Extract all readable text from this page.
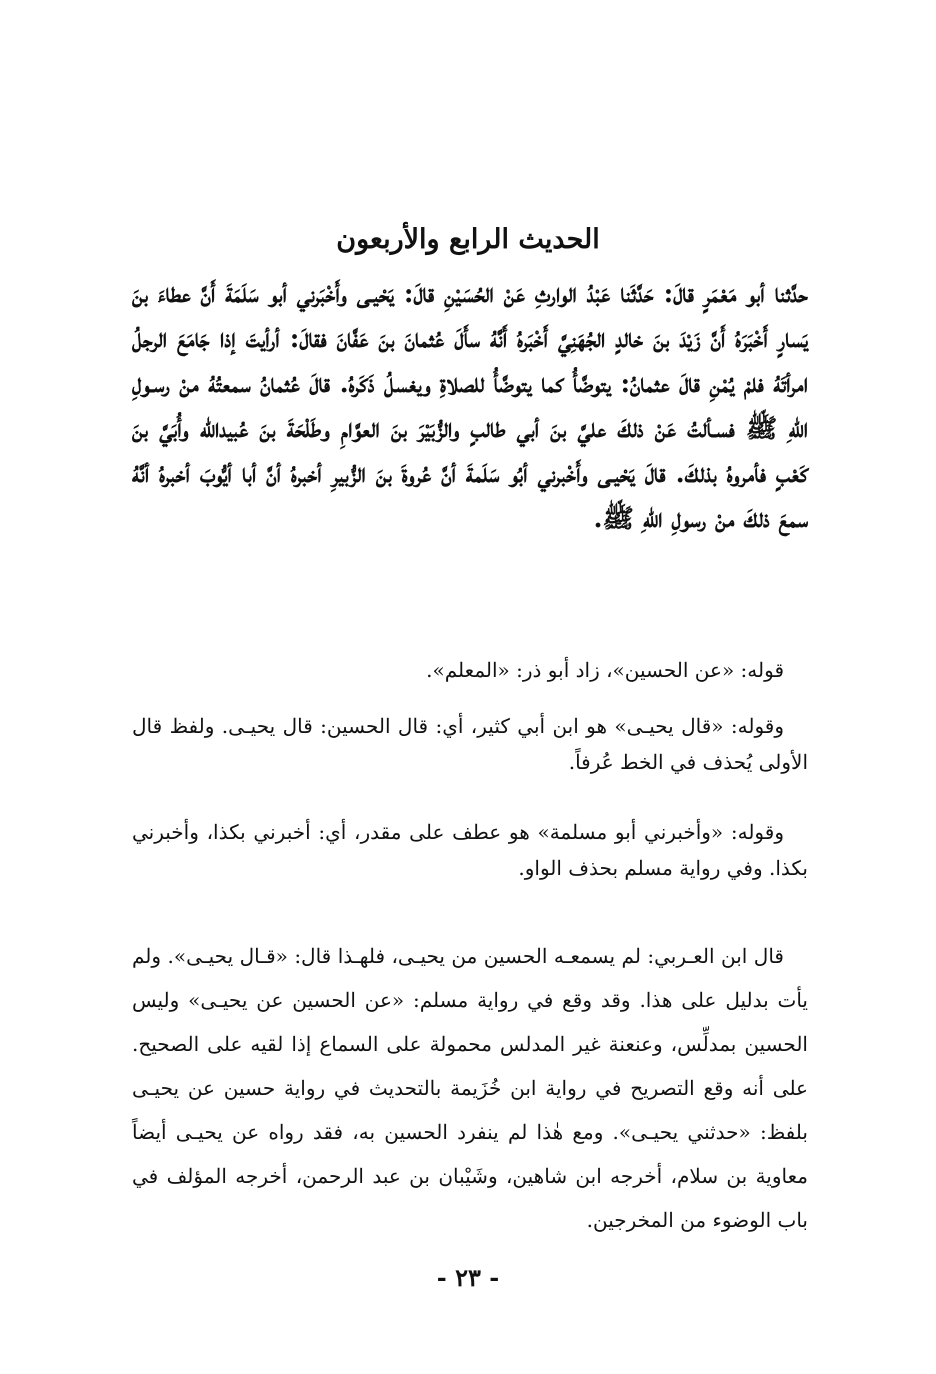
الحديث الرابع والأربعون

حدَّثنا أبو مَعْمَرٍ قالَ: حَدَّثَنا عَبْدُ الوارثِ عَنْ الحُسَيْنِ قالَ: يَحْيـى وأَخْبَرني أبو سَلَمَةَ أَنَّ عطاءَ بنَ يَسارٍ أَخْبَرَهُ أَنَّ زَيْدَ بنَ خالدٍ الجُهَنِيَّ أَخْبَرهُ أَنَّهُ سأَلَ عُثمانَ بنَ عَفَّانَ فقالَ: أرأيتَ إذا جَامَعَ الرجلُ امرأتَهُ فلمْ يُمْنِ قالَ عثمانُ: يتوضَّأُ كما يتوضَّأُ للصلاةِ ويغسلُ ذَكَرهُ. قالَ عُثمانُ سمعتُهُ منْ رسـولِ اللهِ ﷺ فسـألتُ عَنْ ذلكَ عليَّ بنَ أبي طالبٍ والزُّبَيْرَ بنَ العوَّامِ وطَلْحَةَ بنَ عُبيدالله وأُبَيَّ بنَ كَعْبٍ فأمروهُ بذلكَ. قالَ يَحْيـى وأَخْبرني أبُو سَلَمةَ أنَّ عُروةَ بنَ الزُّبيرِ أخبرهُ أنَّ أبا أيُّوبَ أخبرهُ أنَّهُ سمعَ ذلكَ منْ رسولِ اللهِ ﷺ.

قوله: «عن الحسين»، زاد أبو ذر: «المعلم».

وقوله: «قال يحيـى» هو ابن أبي كثير، أي: قال الحسين: قال يحيـى. ولفظ قال الأولى يُحذف في الخط عُرفاً.

وقوله: «وأخبرني أبو مسلمة» هو عطف على مقدر، أي: أخبرني بكذا، وأخبرني بكذا. وفي رواية مسلم بحذف الواو.

قال ابن العـربي: لم يسمعـه الحسين من يحيـى، فلهـذا قال: «قـال يحيـى». ولم يأت بدليل على هذا. وقد وقع في رواية مسلم: «عن الحسين عن يحيـى» وليس الحسين بمدلِّس، وعنعنة غير المدلس محمولة على السماع إذا لقيه على الصحيح. على أنه وقع التصريح في رواية ابن خُزَيمة بالتحديث في رواية حسين عن يحيـى بلفظ: «حدثني يحيـى». ومع هٰذا لم ينفرد الحسين به، فقد رواه عن يحيـى أيضاً معاوية بن سلام، أخرجه ابن شاهين، وشَيْبان بن عبد الرحمن، أخرجه المؤلف في باب الوضوء من المخرجين.

- ٢٣ -
